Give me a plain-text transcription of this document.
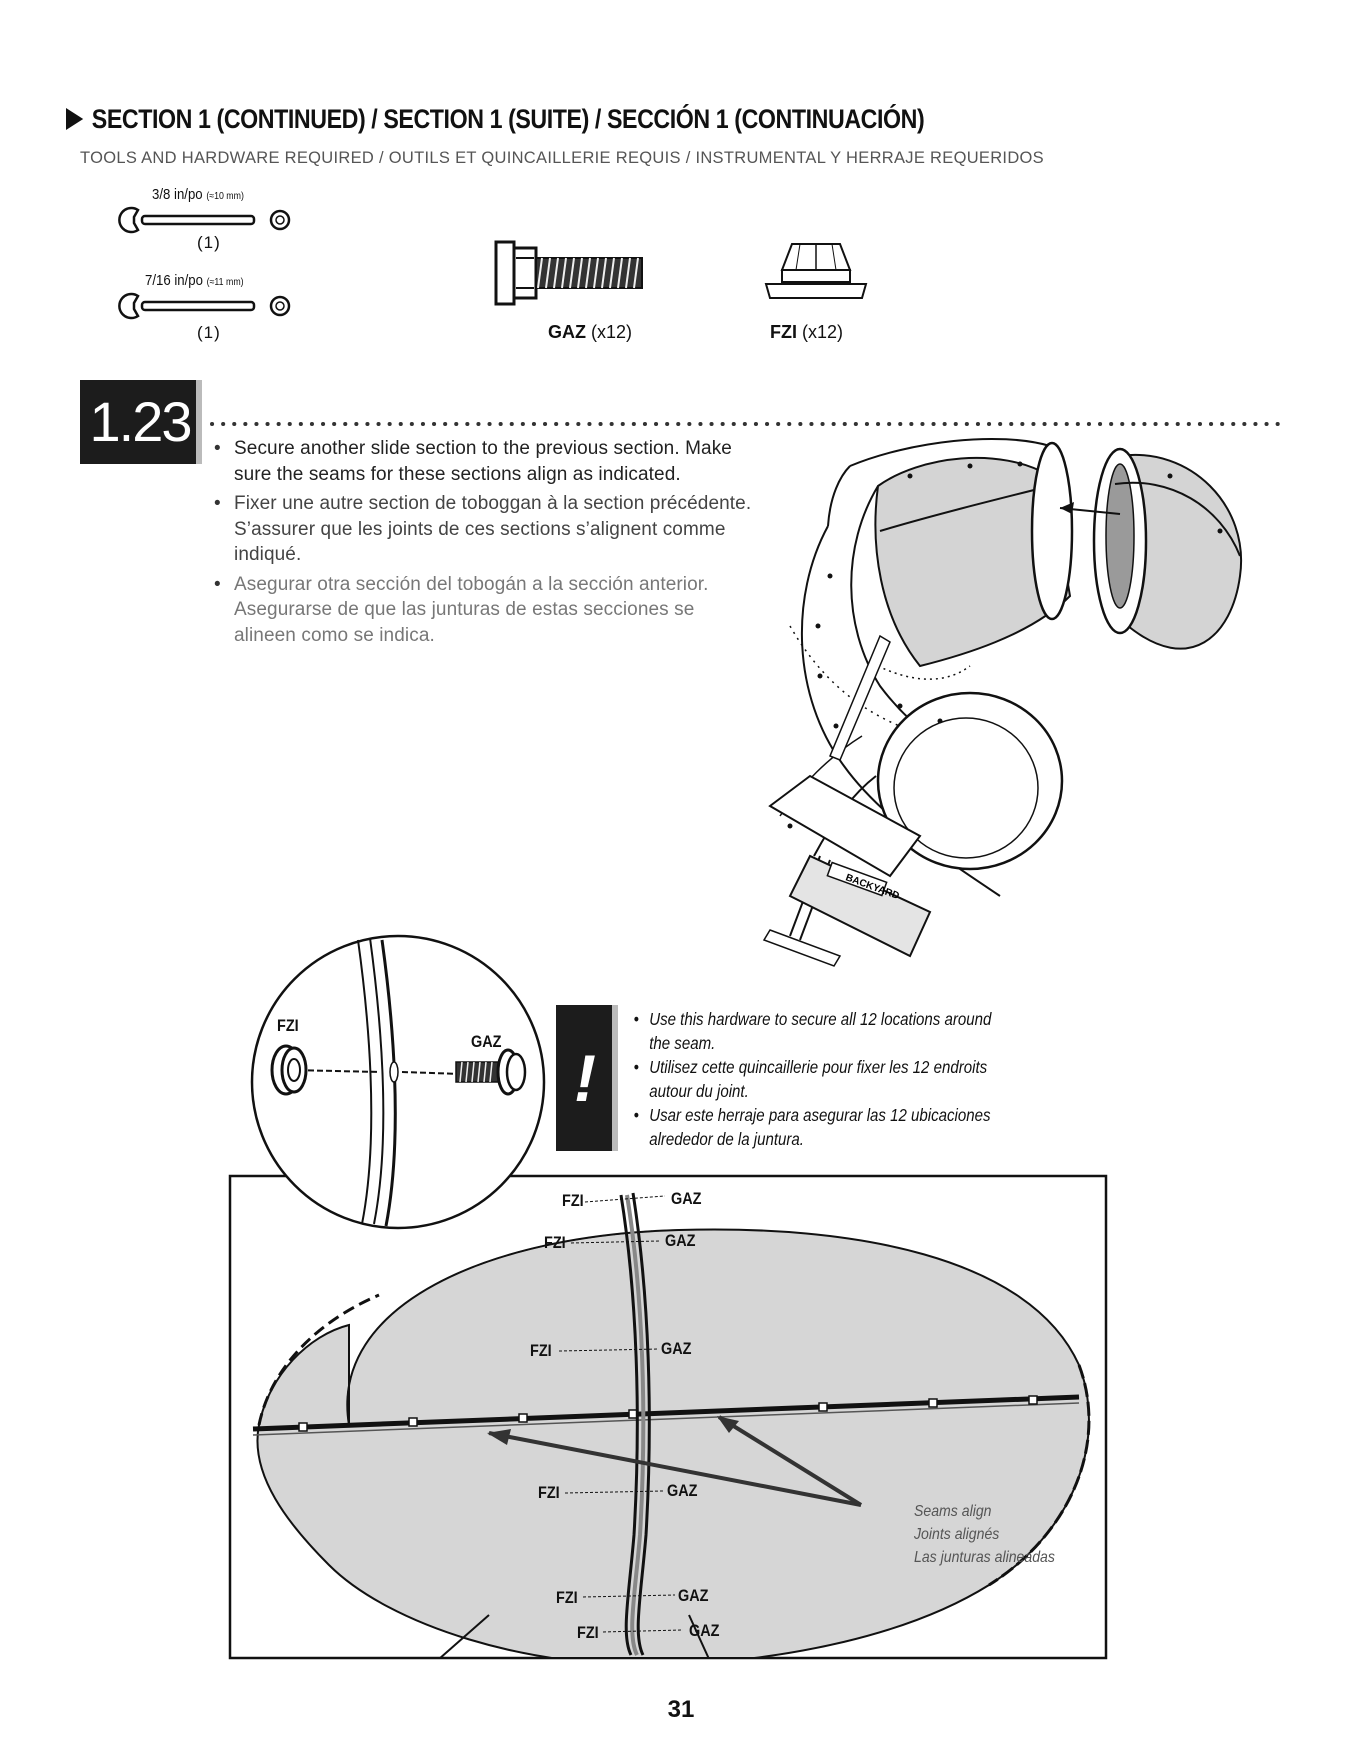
SECTION 1 (CONTINUED) / SECTION 1 (SUITE) / SECCIÓN 1 (CONTINUACIÓN)
TOOLS AND HARDWARE REQUIRED / OUTILS ET QUINCAILLERIE REQUIS / INSTRUMENTAL Y HERRAJE REQUERIDOS
3/8 in/po (≈10 mm)
(1)
7/16 in/po (≈11 mm)
(1)	GAZ (x12)	FZI (x12)
1.23
•	Secure another slide section to the previous section. Make sure the seams for these sections align as indicated.
• Fixer une autre section de toboggan à la section précédente. S’assurer que les joints de ces sections s’alignent comme indiqué.
• Asegurar otra sección del tobogán a la sección anterior. Asegurarse de que las junturas de estas secciones se alineen como se indica.
BACKYARD
FZI	GAZ
FZI	GAZ
FZI	GAZ
FZI	GAZ
FZI	GAZ
FZI	GAZ
Seams align
Joints alignés
Las junturas alineadas
FZI
GAZ !
• Use this hardware to secure all 12 locations around the seam.
• Utilisez cette quincaillerie pour fixer les 12 endroits autour du joint.
• Usar este herraje para asegurar las 12 ubicaciones alrededor de la juntura.
31
